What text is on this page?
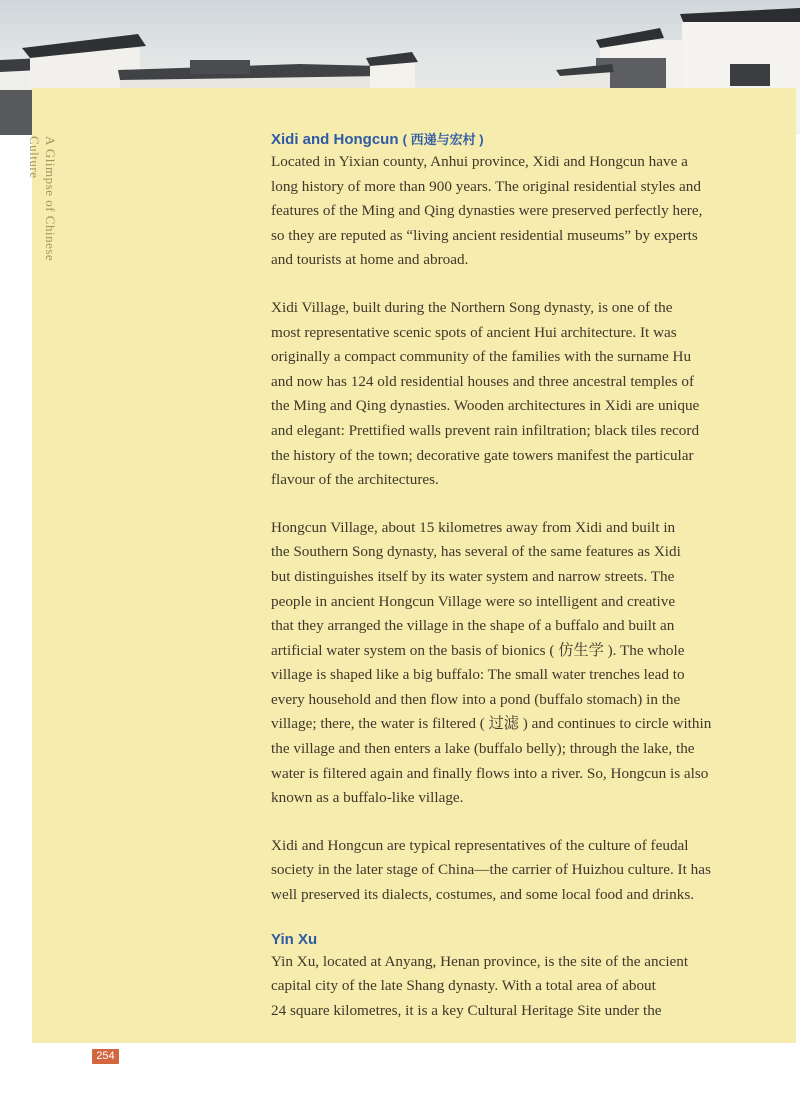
A Glimpse of Chinese Culture	Xidi and Hongcun ( 西递与宏村 )

Located in Yixian county, Anhui province, Xidi and Hongcun have a
long history of more than 900 years. The original residential styles and
features of the Ming and Qing dynasties were preserved perfectly here,
so they are reputed as “living ancient residential museums” by experts
and tourists at home and abroad.

Xidi Village, built during the Northern Song dynasty, is one of the
most representative scenic spots of ancient Hui architecture. It was
originally a compact community of the families with the surname Hu
and now has 124 old residential houses and three ancestral temples of
the Ming and Qing dynasties. Wooden architectures in Xidi are unique
and elegant: Prettified walls prevent rain infiltration; black tiles record
the history of the town; decorative gate towers manifest the particular
flavour of the architectures.

Hongcun Village, about 15 kilometres away from Xidi and built in
the Southern Song dynasty, has several of the same features as Xidi
but distinguishes itself by its water system and narrow streets. The
people in ancient Hongcun Village were so intelligent and creative
that they arranged the village in the shape of a buffalo and built an
artificial water system on the basis of bionics ( 仿生学 ). The whole
village is shaped like a big buffalo: The small water trenches lead to
every household and then flow into a pond (buffalo stomach) in the
village; there, the water is filtered ( 过滤 ) and continues to circle within
the village and then enters a lake (buffalo belly); through the lake, the
water is filtered again and finally flows into a river. So, Hongcun is also
known as a buffalo-like village.

Xidi and Hongcun are typical representatives of the culture of feudal
society in the later stage of China—the carrier of Huizhou culture. It has
well preserved its dialects, costumes, and some local food and drinks.

Yin Xu

Yin Xu, located at Anyang, Henan province, is the site of the ancient
capital city of the late Shang dynasty. With a total area of about
24 square kilometres, it is a key Cultural Heritage Site under the

254
